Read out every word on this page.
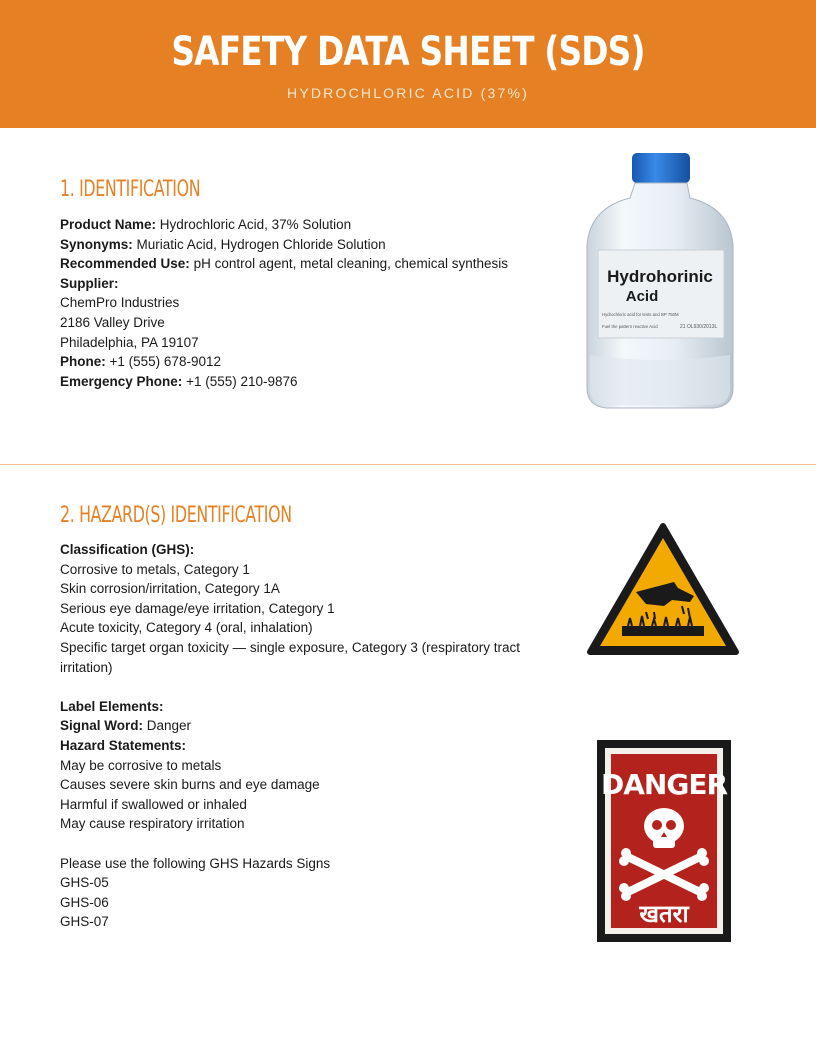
SAFETY DATA SHEET (SDS)
HYDROCHLORIC ACID (37%)
1. IDENTIFICATION
Product Name: Hydrochloric Acid, 37% Solution
Synonyms: Muriatic Acid, Hydrogen Chloride Solution
Recommended Use: pH control agent, metal cleaning, chemical synthesis
Supplier:
ChemPro Industries
2186 Valley Drive
Philadelphia, PA 19107
Phone: +1 (555) 678-9012
Emergency Phone: +1 (555) 210-9876
Hydrohorinic
Acid
Hydrochloric acid for tests and BP 750M
Fuel the pattern reactive Acid	21 OL930/2013L
2. HAZARD(S) IDENTIFICATION
Classification (GHS):
Corrosive to metals, Category 1
Skin corrosion/irritation, Category 1A
Serious eye damage/eye irritation, Category 1
Acute toxicity, Category 4 (oral, inhalation)
Specific target organ toxicity — single exposure, Category 3 (respiratory tract
irritation)
Label Elements:
Signal Word: Danger
Hazard Statements:
May be corrosive to metals
Causes severe skin burns and eye damage
Harmful if swallowed or inhaled
May cause respiratory irritation
Please use the following GHS Hazards Signs
GHS-05
GHS-06
GHS-07
DANGER
खतरा
